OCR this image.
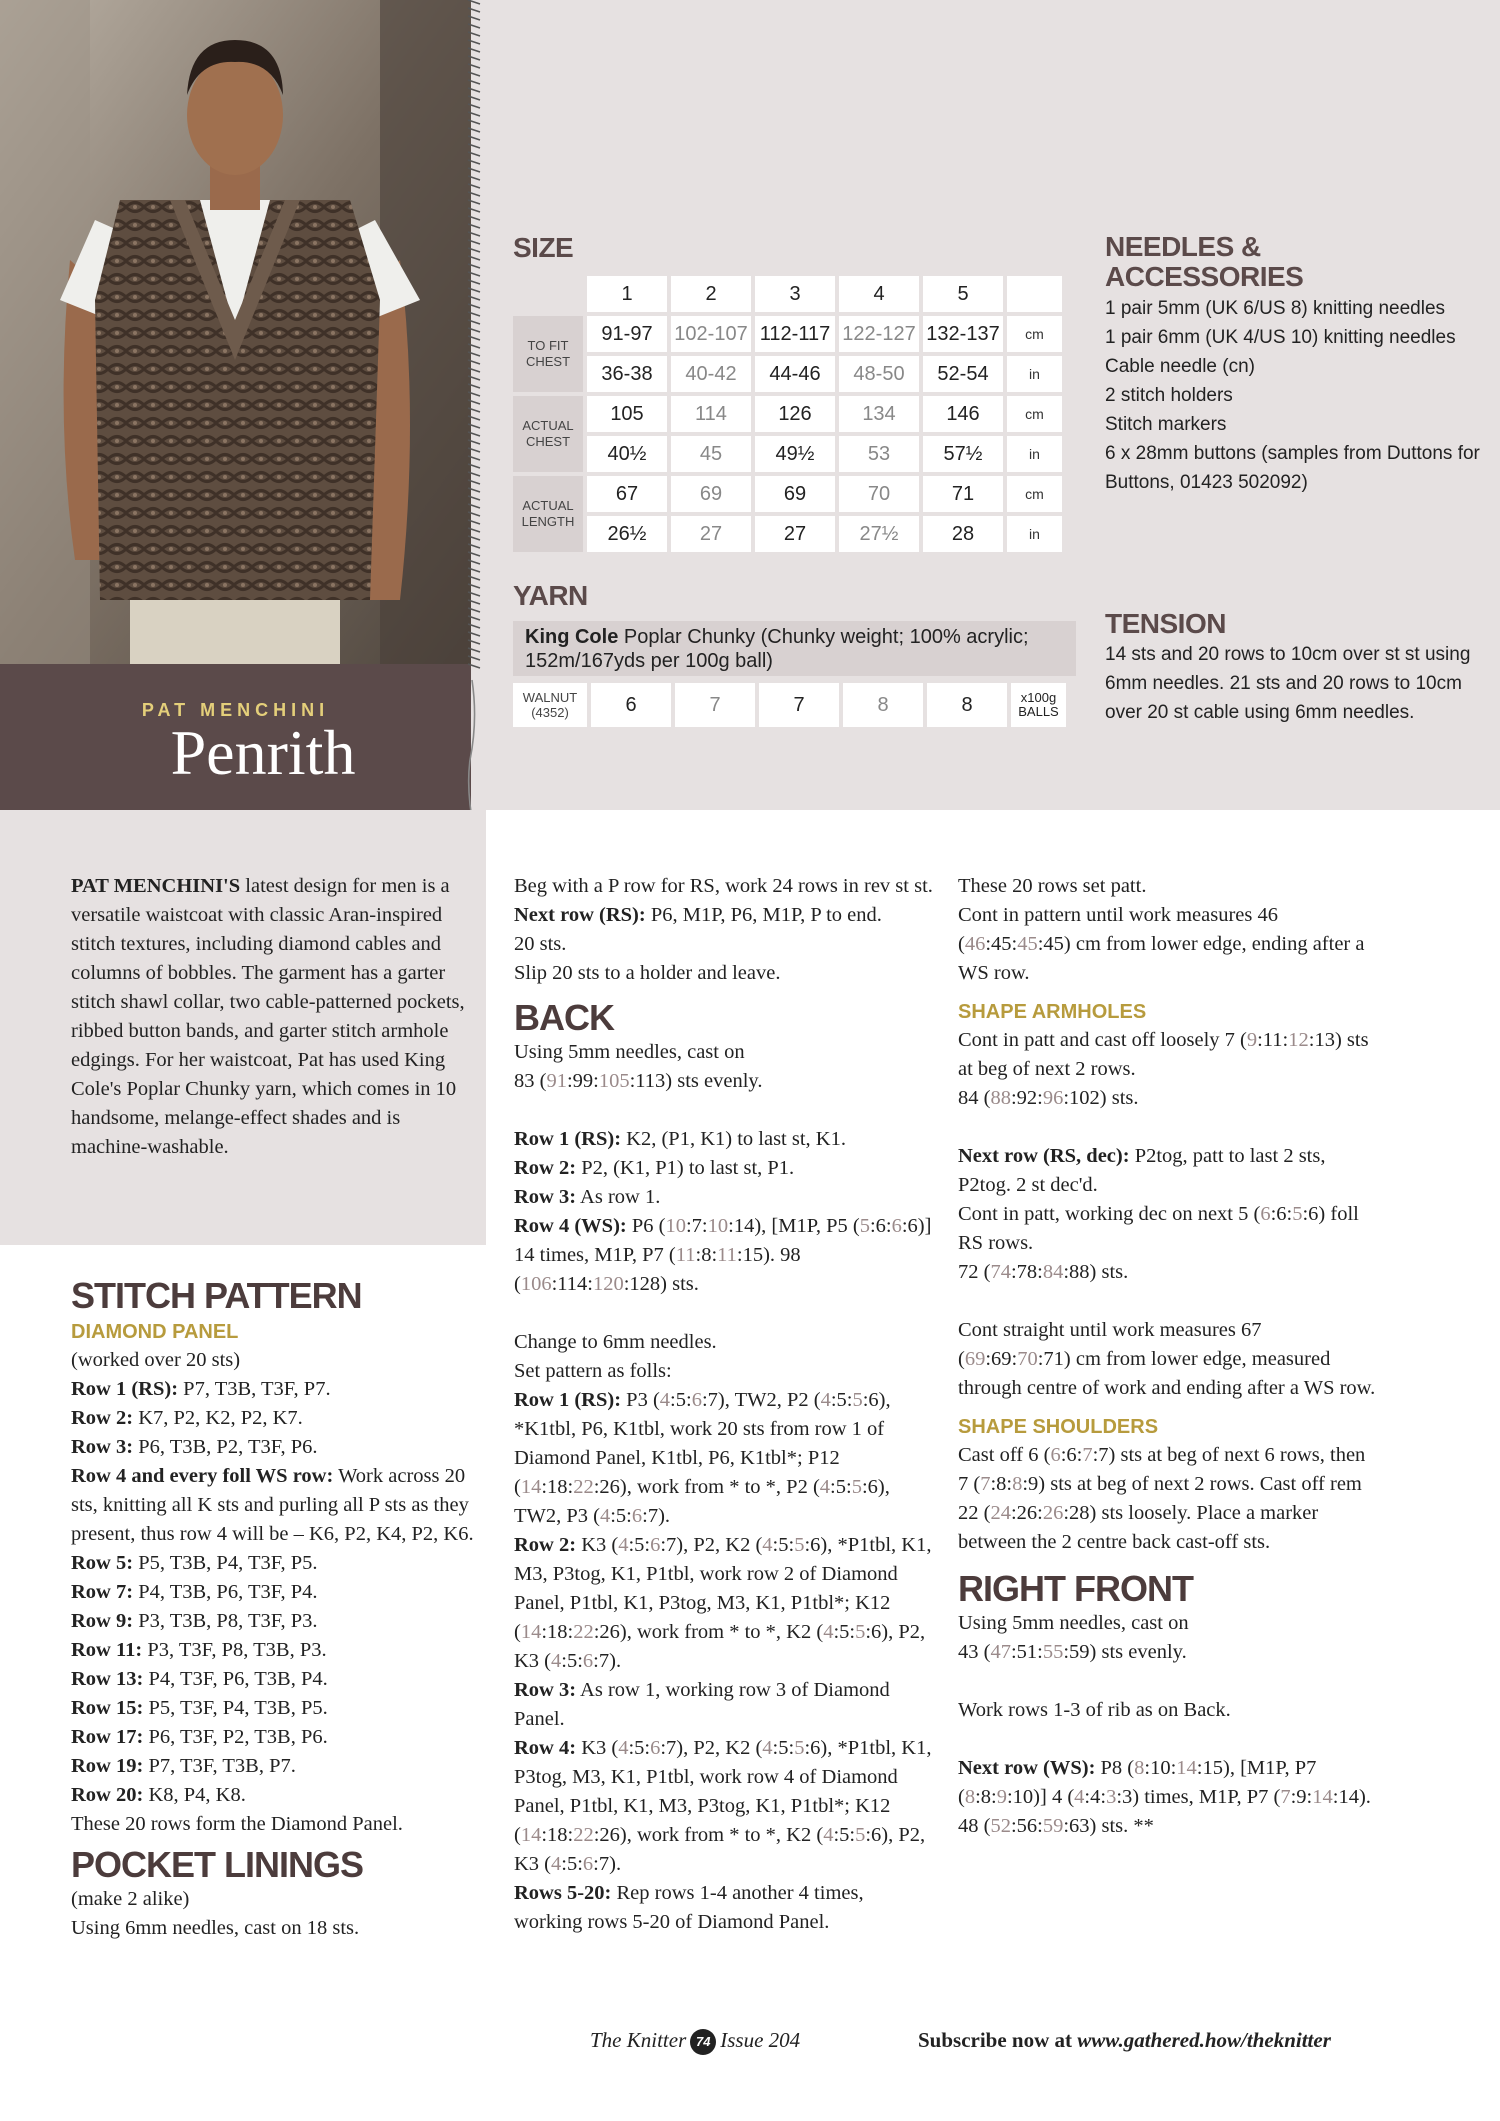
PAT MENCHINI
Penrith
SIZE
	1	2	3	4	5	
TO FIT CHEST	91-97	102-107	112-117	122-127	132-137	cm
	36-38	40-42	44-46	48-50	52-54	in
ACTUAL CHEST	105	114	126	134	146	cm
	40½	45	49½	53	57½	in
ACTUAL LENGTH	67	69	69	70	71	cm
	26½	27	27	27½	28	in
YARN
King Cole Poplar Chunky (Chunky weight; 100% acrylic; 152m/167yds per 100g ball)
WALNUT
(4352)	6	7	7	8	8	x100g
BALLS
NEEDLES &
ACCESSORIES
1 pair 5mm (UK 6/US 8) knitting needles
1 pair 6mm (UK 4/US 10) knitting needles
Cable needle (cn)
2 stitch holders
Stitch markers
6 x 28mm buttons (samples from Duttons for Buttons, 01423 502092)
TENSION
14 sts and 20 rows to 10cm over st st using 6mm needles. 21 sts and 20 rows to 10cm over 20 st cable using 6mm needles.
PAT MENCHINI'S latest design for men is a versatile waistcoat with classic Aran-inspired stitch textures, including diamond cables and columns of bobbles. The garment has a garter stitch shawl collar, two cable-patterned pockets, ribbed button bands, and garter stitch armhole edgings. For her waistcoat, Pat has used King Cole's Poplar Chunky yarn, which comes in 10 handsome, melange-effect shades and is machine-washable.
STITCH PATTERN
DIAMOND PANEL

(worked over 20 sts)

Row 1 (RS): P7, T3B, T3F, P7.

Row 2: K7, P2, K2, P2, K7.

Row 3: P6, T3B, P2, T3F, P6.

Row 4 and every foll WS row: Work across 20 sts, knitting all K sts and purling all P sts as they present, thus row 4 will be – K6, P2, K4, P2, K6.

Row 5: P5, T3B, P4, T3F, P5.

Row 7: P4, T3B, P6, T3F, P4.

Row 9: P3, T3B, P8, T3F, P3.

Row 11: P3, T3F, P8, T3B, P3.

Row 13: P4, T3F, P6, T3B, P4.

Row 15: P5, T3F, P4, T3B, P5.

Row 17: P6, T3F, P2, T3B, P6.

Row 19: P7, T3F, T3B, P7.

Row 20: K8, P4, K8.

These 20 rows form the Diamond Panel.

POCKET LININGS

(make 2 alike)

Using 6mm needles, cast on 18 sts.

Beg with a P row for RS, work 24 rows in rev st st.

Next row (RS): P6, M1P, P6, M1P, P to end.

20 sts.

Slip 20 sts to a holder and leave.

BACK

Using 5mm needles, cast on
83 (91:99:105:113) sts evenly.

Row 1 (RS): K2, (P1, K1) to last st, K1.

Row 2: P2, (K1, P1) to last st, P1.

Row 3: As row 1.

Row 4 (WS): P6 (10:7:10:14), [M1P, P5 (5:6:6:6)] 14 times, M1P, P7 (11:8:11:15). 98 (106:114:120:128) sts.

Change to 6mm needles.

Set pattern as folls:

Row 1 (RS): P3 (4:5:6:7), TW2, P2 (4:5:5:6), *K1tbl, P6, K1tbl, work 20 sts from row 1 of Diamond Panel, K1tbl, P6, K1tbl*; P12 (14:18:22:26), work from * to *, P2 (4:5:5:6), TW2, P3 (4:5:6:7).

Row 2: K3 (4:5:6:7), P2, K2 (4:5:5:6), *P1tbl, K1, M3, P3tog, K1, P1tbl, work row 2 of Diamond Panel, P1tbl, K1, P3tog, M3, K1, P1tbl*; K12 (14:18:22:26), work from * to *, K2 (4:5:5:6), P2, K3 (4:5:6:7).

Row 3: As row 1, working row 3 of Diamond Panel.

Row 4: K3 (4:5:6:7), P2, K2 (4:5:5:6), *P1tbl, K1, P3tog, M3, K1, P1tbl, work row 4 of Diamond Panel, P1tbl, K1, M3, P3tog, K1, P1tbl*; K12 (14:18:22:26), work from * to *, K2 (4:5:5:6), P2, K3 (4:5:6:7).

Rows 5-20: Rep rows 1-4 another 4 times, working rows 5-20 of Diamond Panel.

These 20 rows set patt.

Cont in pattern until work measures 46 (46:45:45:45) cm from lower edge, ending after a WS row.

SHAPE ARMHOLES

Cont in patt and cast off loosely 7 (9:11:12:13) sts at beg of next 2 rows.
84 (88:92:96:102) sts.

Next row (RS, dec): P2tog, patt to last 2 sts, P2tog. 2 st dec'd.

Cont in patt, working dec on next 5 (6:6:5:6) foll RS rows.
72 (74:78:84:88) sts.

Cont straight until work measures 67 (69:69:70:71) cm from lower edge, measured through centre of work and ending after a WS row.

SHAPE SHOULDERS

Cast off 6 (6:6:7:7) sts at beg of next 6 rows, then 7 (7:8:8:9) sts at beg of next 2 rows. Cast off rem 22 (24:26:26:28) sts loosely. Place a marker between the 2 centre back cast-off sts.

RIGHT FRONT

Using 5mm needles, cast on
43 (47:51:55:59) sts evenly.

Work rows 1-3 of rib as on Back.

Next row (WS): P8 (8:10:14:15), [M1P, P7 (8:8:9:10)] 4 (4:4:3:3) times, M1P, P7 (7:9:14:14).
48 (52:56:59:63) sts. **

The Knitter 74 Issue 204	Subscribe now at www.gathered.how/theknitter
